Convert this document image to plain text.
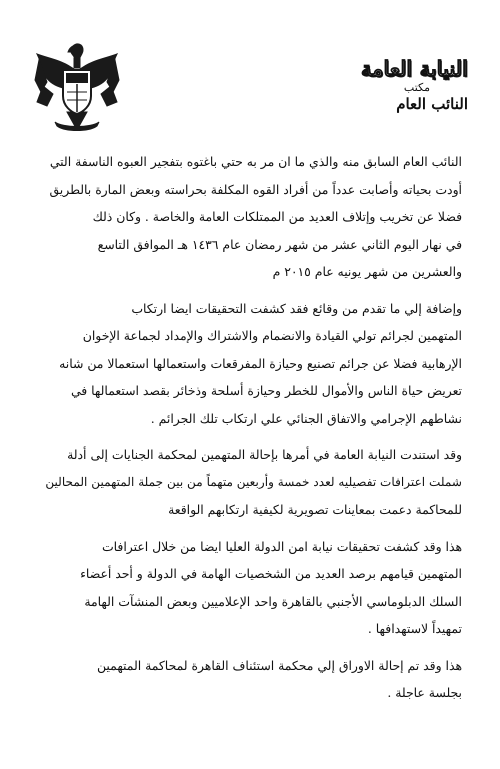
النيابة العامة
مكتب
النائب العام

النائب العام السابق منه والذي ما ان مر به حتي باغتوه بتفجير العبوه الناسفة التي
أودت بحياته وأصابت عدداً من أفراد القوه المكلفة بحراسته وبعض المارة بالطريق
فضلا عن تخريب وإتلاف العديد من الممتلكات العامة والخاصة . وكان ذلك
في نهار اليوم الثاني عشر من شهر رمضان عام ١٤٣٦ هـ الموافق التاسع
والعشرين من شهر يونيه عام ٢٠١٥ م

وإضافة إلي ما تقدم من وقائع فقد كشفت التحقيقات ايضا ارتكاب
المتهمين لجرائم تولي القيادة والانضمام والاشتراك والإمداد لجماعة الإخوان
الإرهابية فضلا عن جرائم تصنيع وحيازة المفرقعات واستعمالها استعمالا من شانه
تعريض حياة الناس والأموال للخطر وحيازة أسلحة وذخائر بقصد استعمالها في
نشاطهم الإجرامي والاتفاق الجنائي علي ارتكاب تلك الجرائم .

وقد استندت النيابة العامة في أمرها بإحالة المتهمين لمحكمة الجنايات إلى أدلة
شملت اعترافات تفصيليه لعدد خمسة وأربعين متهماً من بين جملة المتهمين المحالين
للمحاكمة دعمت بمعاينات تصويرية لكيفية ارتكابهم الواقعة

هذا وقد كشفت تحقيقات نيابة امن الدولة العليا ايضا من خلال اعترافات
المتهمين قيامهم برصد العديد من الشخصيات الهامة في الدولة و أحد أعضاء
السلك الدبلوماسي الأجنبي بالقاهرة واحد الإعلاميين وبعض المنشآت الهامة
تمهيداً لاستهدافها .

هذا وقد تم إحالة الاوراق إلي محكمة استئناف القاهرة لمحاكمة المتهمين
بجلسة عاجلة .
